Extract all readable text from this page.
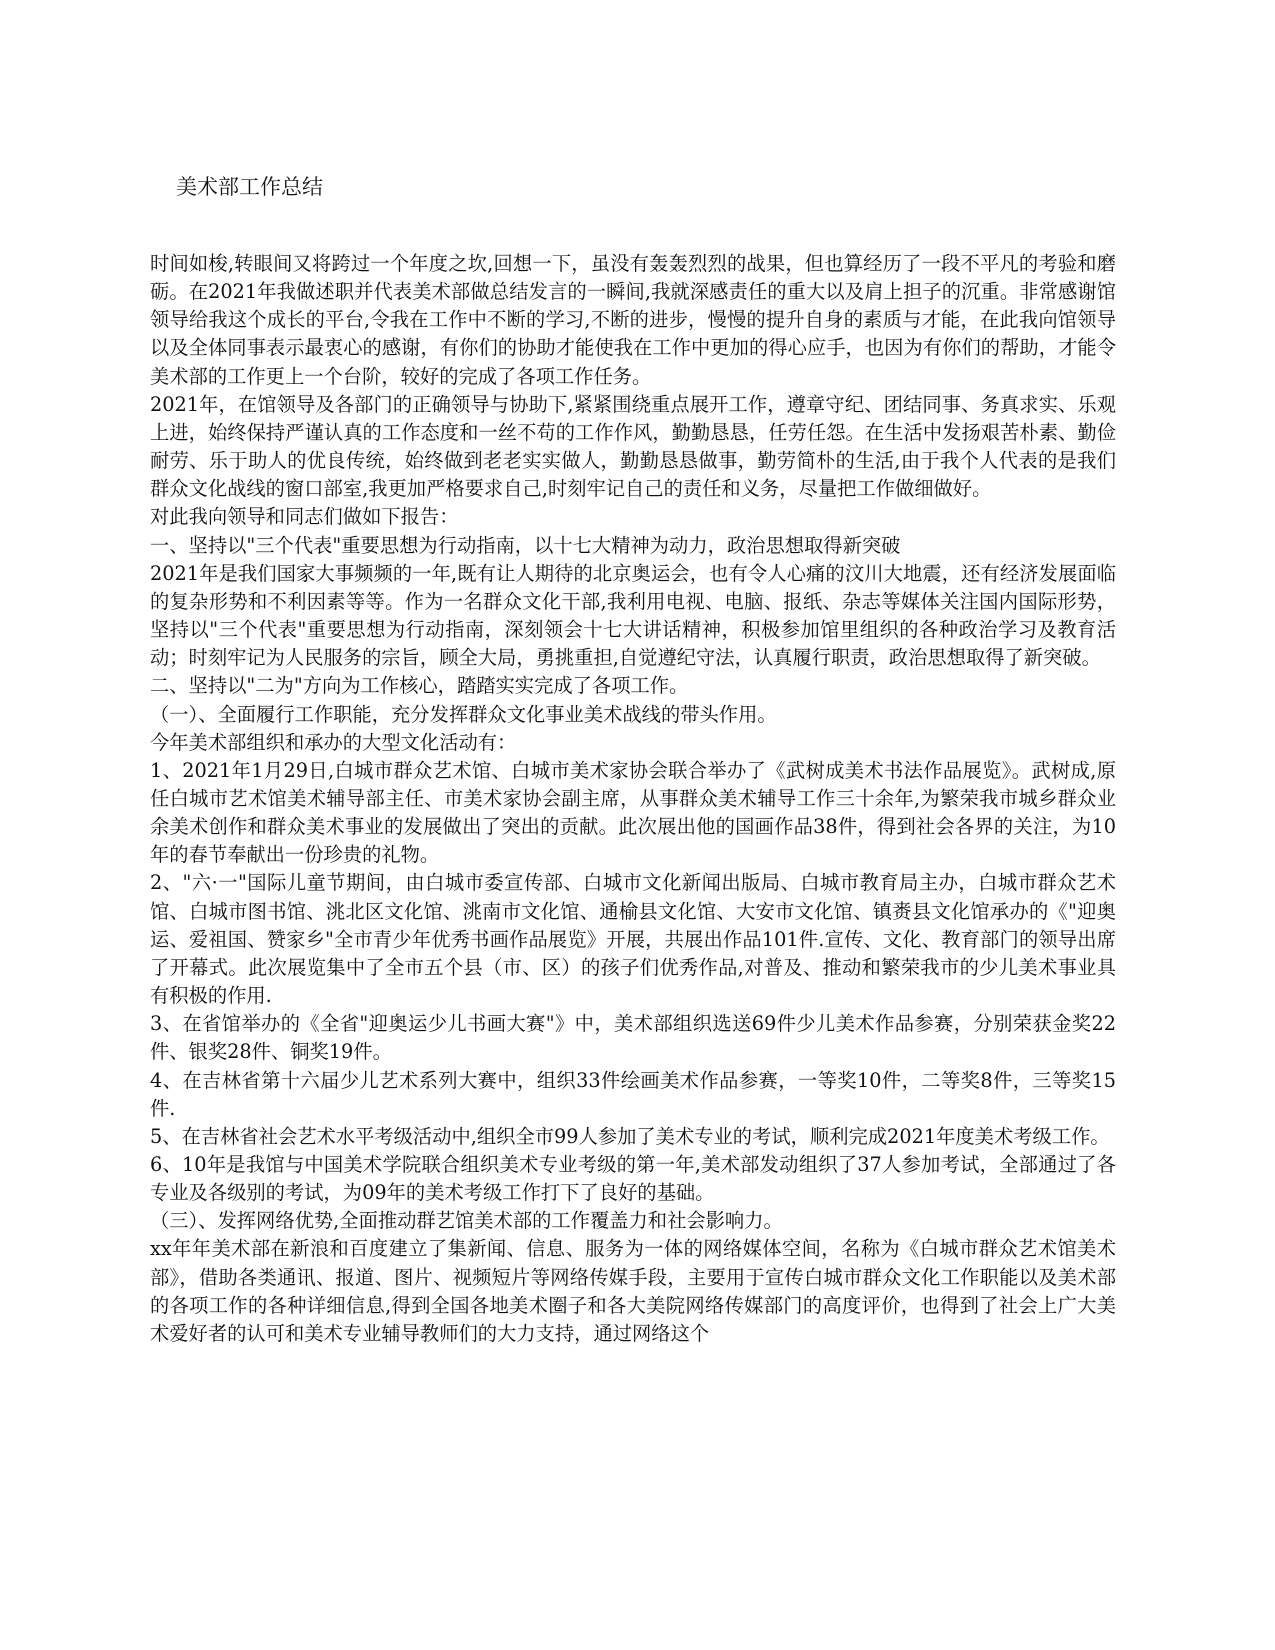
美术部工作总结

时间如梭,转眼间又将跨过一个年度之坎,回想一下，虽没有轰轰烈烈的战果，但也算经历了一段不平凡的考验和磨砺。在2021年我做述职并代表美术部做总结发言的一瞬间,我就深感责任的重大以及肩上担子的沉重。非常感谢馆领导给我这个成长的平台,令我在工作中不断的学习,不断的进步，慢慢的提升自身的素质与才能，在此我向馆领导以及全体同事表示最衷心的感谢，有你们的协助才能使我在工作中更加的得心应手，也因为有你们的帮助，才能令美术部的工作更上一个台阶，较好的完成了各项工作任务。

2021年，在馆领导及各部门的正确领导与协助下,紧紧围绕重点展开工作，遵章守纪、团结同事、务真求实、乐观上进，始终保持严谨认真的工作态度和一丝不苟的工作作风，勤勤恳恳，任劳任怨。在生活中发扬艰苦朴素、勤俭耐劳、乐于助人的优良传统，始终做到老老实实做人，勤勤恳恳做事，勤劳简朴的生活,由于我个人代表的是我们群众文化战线的窗口部室,我更加严格要求自己,时刻牢记自己的责任和义务，尽量把工作做细做好。

对此我向领导和同志们做如下报告：

一、坚持以"三个代表"重要思想为行动指南，以十七大精神为动力，政治思想取得新突破

2021年是我们国家大事频频的一年,既有让人期待的北京奥运会，也有令人心痛的汶川大地震，还有经济发展面临的复杂形势和不利因素等等。作为一名群众文化干部,我利用电视、电脑、报纸、杂志等媒体关注国内国际形势，坚持以"三个代表"重要思想为行动指南，深刻领会十七大讲话精神，积极参加馆里组织的各种政治学习及教育活动；时刻牢记为人民服务的宗旨，顾全大局，勇挑重担,自觉遵纪守法，认真履行职责，政治思想取得了新突破。

二、坚持以"二为"方向为工作核心，踏踏实实完成了各项工作。

（一）、全面履行工作职能，充分发挥群众文化事业美术战线的带头作用。

今年美术部组织和承办的大型文化活动有：

1、2021年1月29日,白城市群众艺术馆、白城市美术家协会联合举办了《武树成美术书法作品展览》。武树成,原任白城市艺术馆美术辅导部主任、市美术家协会副主席，从事群众美术辅导工作三十余年,为繁荣我市城乡群众业余美术创作和群众美术事业的发展做出了突出的贡献。此次展出他的国画作品38件，得到社会各界的关注，为10年的春节奉献出一份珍贵的礼物。

2、"六·一"国际儿童节期间，由白城市委宣传部、白城市文化新闻出版局、白城市教育局主办，白城市群众艺术馆、白城市图书馆、洮北区文化馆、洮南市文化馆、通榆县文化馆、大安市文化馆、镇赉县文化馆承办的《"迎奥运、爱祖国、赞家乡"全市青少年优秀书画作品展览》开展，共展出作品101件.宣传、文化、教育部门的领导出席了开幕式。此次展览集中了全市五个县（市、区）的孩子们优秀作品,对普及、推动和繁荣我市的少儿美术事业具有积极的作用.

3、在省馆举办的《全省"迎奥运少儿书画大赛"》中，美术部组织选送69件少儿美术作品参赛，分别荣获金奖22件、银奖28件、铜奖19件。

4、在吉林省第十六届少儿艺术系列大赛中，组织33件绘画美术作品参赛，一等奖10件，二等奖8件，三等奖15件.

5、在吉林省社会艺术水平考级活动中,组织全市99人参加了美术专业的考试，顺利完成2021年度美术考级工作。

6、10年是我馆与中国美术学院联合组织美术专业考级的第一年,美术部发动组织了37人参加考试，全部通过了各专业及各级别的考试，为09年的美术考级工作打下了良好的基础。

（三）、发挥网络优势,全面推动群艺馆美术部的工作覆盖力和社会影响力。

xx年年美术部在新浪和百度建立了集新闻、信息、服务为一体的网络媒体空间，名称为《白城市群众艺术馆美术部》，借助各类通讯、报道、图片、视频短片等网络传媒手段，主要用于宣传白城市群众文化工作职能以及美术部的各项工作的各种详细信息,得到全国各地美术圈子和各大美院网络传媒部门的高度评价，也得到了社会上广大美术爱好者的认可和美术专业辅导教师们的大力支持，通过网络这个
